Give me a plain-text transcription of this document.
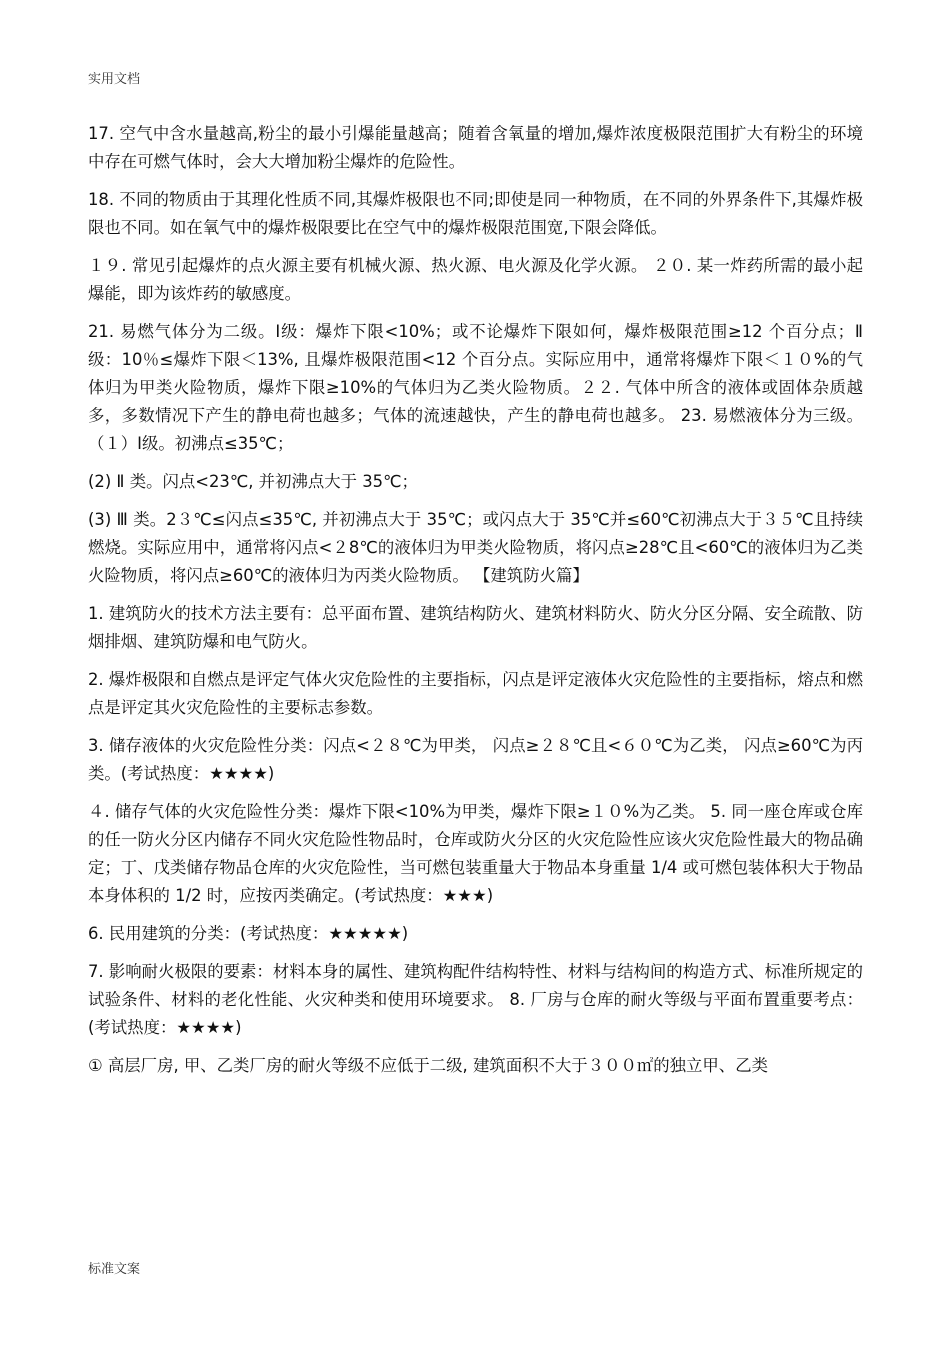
实用文档

17. 空气中含水量越高,粉尘的最小引爆能量越高；随着含氧量的增加,爆炸浓度极限范围扩大有粉尘的环境中存在可燃气体时，会大大增加粉尘爆炸的危险性。

18. 不同的物质由于其理化性质不同,其爆炸极限也不同;即使是同一种物质，在不同的外界条件下,其爆炸极限也不同。如在氧气中的爆炸极限要比在空气中的爆炸极限范围宽,下限会降低。

１９. 常见引起爆炸的点火源主要有机械火源、热火源、电火源及化学火源。 ２０. 某一炸药所需的最小起爆能，即为该炸药的敏感度。

21. 易燃气体分为二级。Ⅰ级：爆炸下限<10%；或不论爆炸下限如何，爆炸极限范围≥12 个百分点；Ⅱ 级：10％≤爆炸下限＜13%, 且爆炸极限范围<12 个百分点。实际应用中，通常将爆炸下限＜１０%的气体归为甲类火险物质，爆炸下限≥10%的气体归为乙类火险物质。２２. 气体中所含的液体或固体杂质越多，多数情况下产生的静电荷也越多；气体的流速越快，产生的静电荷也越多。 23. 易燃液体分为三级。（１）Ⅰ级。初沸点≤35℃；

(2) Ⅱ 类。闪点<23℃, 并初沸点大于 35℃；

(3) Ⅲ 类。2３℃≤闪点≤35℃, 并初沸点大于 35℃；或闪点大于 35℃并≤60℃初沸点大于３５℃且持续燃烧。实际应用中，通常将闪点<２8℃的液体归为甲类火险物质，将闪点≥28℃且<60℃的液体归为乙类火险物质，将闪点≥60℃的液体归为丙类火险物质。 【建筑防火篇】

1. 建筑防火的技术方法主要有：总平面布置、建筑结构防火、建筑材料防火、防火分区分隔、安全疏散、防烟排烟、建筑防爆和电气防火。

2. 爆炸极限和自燃点是评定气体火灾危险性的主要指标，闪点是评定液体火灾危险性的主要指标，熔点和燃点是评定其火灾危险性的主要标志参数。

3. 储存液体的火灾危险性分类：闪点<２８℃为甲类， 闪点≥２８℃且<６０℃为乙类， 闪点≥60℃为丙类。(考试热度：★★★★)

４. 储存气体的火灾危险性分类：爆炸下限<10%为甲类，爆炸下限≥１０%为乙类。 5. 同一座仓库或仓库的任一防火分区内储存不同火灾危险性物品时，仓库或防火分区的火灾危险性应该火灾危险性最大的物品确定；丁、戊类储存物品仓库的火灾危险性，当可燃包装重量大于物品本身重量 1/4 或可燃包装体积大于物品本身体积的 1/2 时，应按丙类确定。(考试热度：★★★)

6. 民用建筑的分类：(考试热度：★★★★★)

7. 影响耐火极限的要素：材料本身的属性、建筑构配件结构特性、材料与结构间的构造方式、标准所规定的试验条件、材料的老化性能、火灾种类和使用环境要求。 8. 厂房与仓库的耐火等级与平面布置重要考点：(考试热度：★★★★)

① 高层厂房, 甲、乙类厂房的耐火等级不应低于二级, 建筑面积不大于３００㎡的独立甲、乙类

标准文案
